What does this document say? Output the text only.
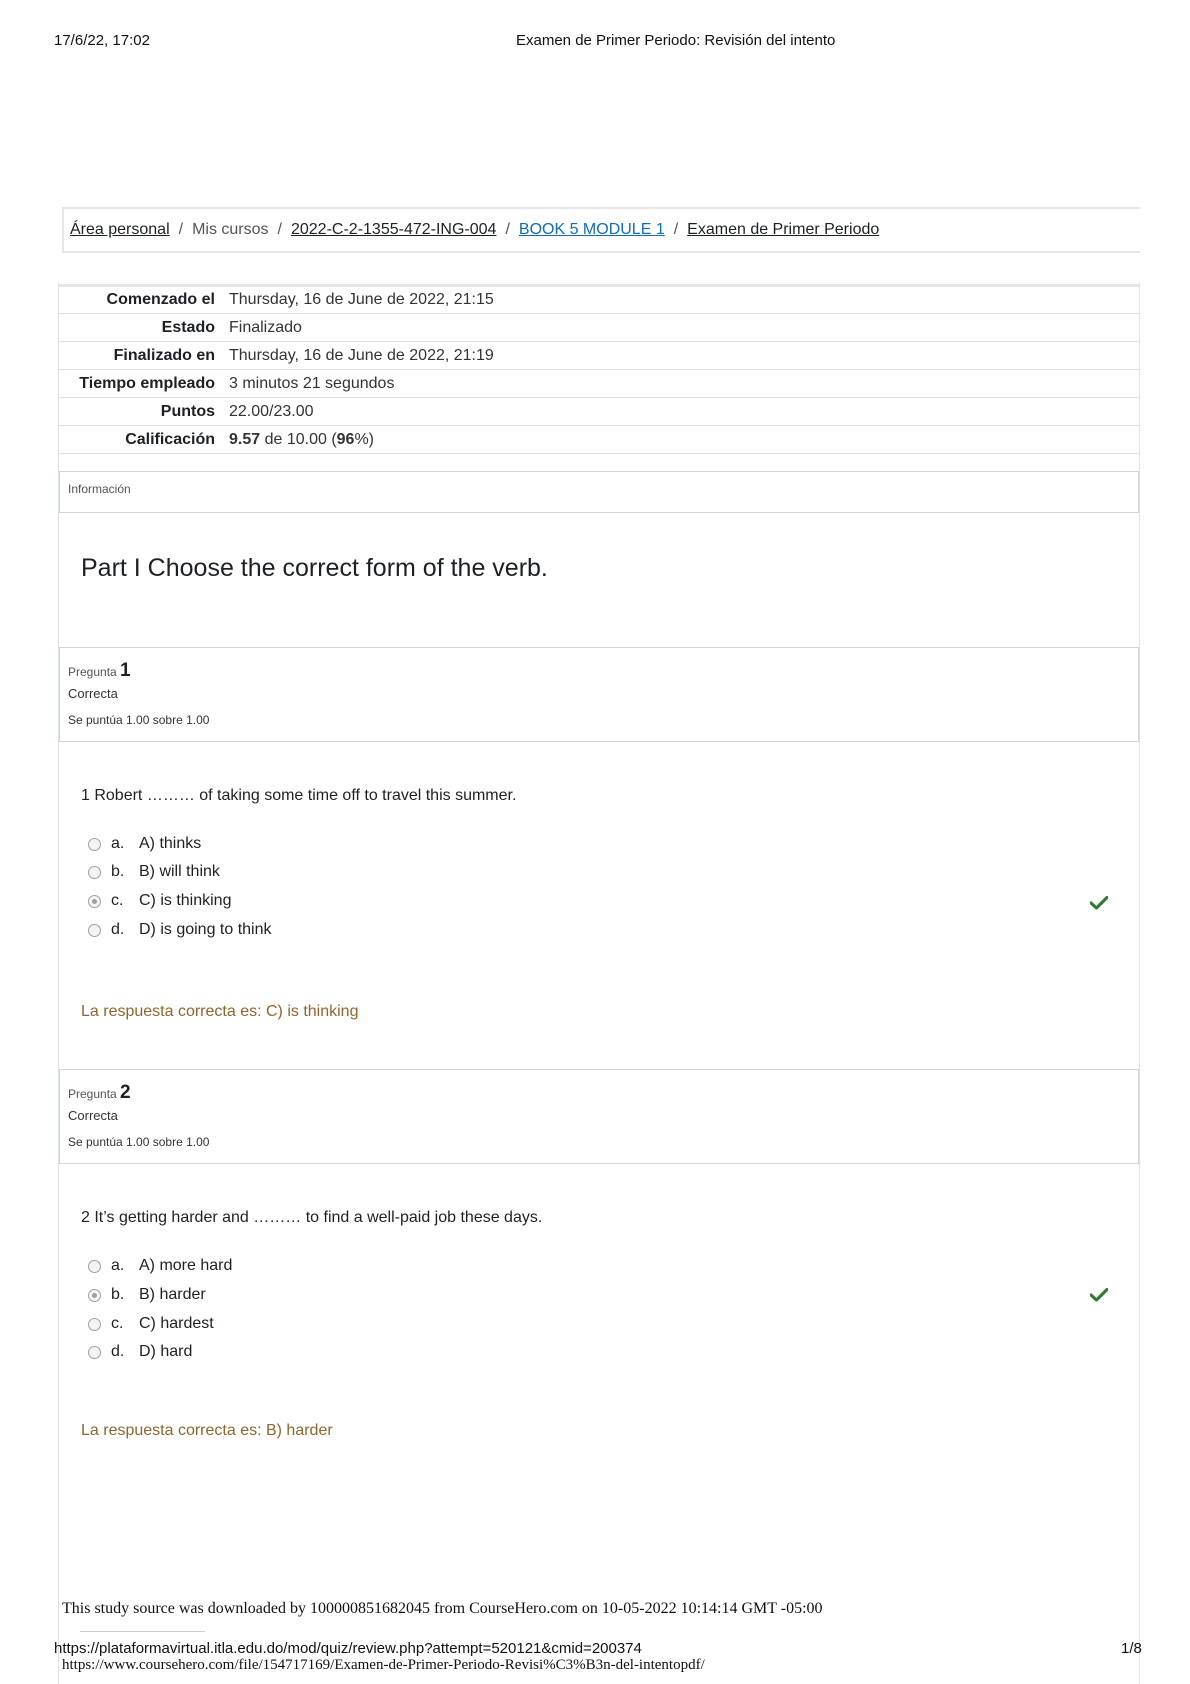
17/6/22, 17:02	Examen de Primer Periodo: Revisión del intento
Área personal / Mis cursos / 2022-C-2-1355-472-ING-004 / BOOK 5 MODULE 1 / Examen de Primer Periodo
Comenzado el	Thursday, 16 de June de 2022, 21:15
Estado	Finalizado
Finalizado en	Thursday, 16 de June de 2022, 21:19
Tiempo empleado	3 minutos 21 segundos
Puntos	22.00/23.00
Calificación	9.57 de 10.00 (96%)
Información
Part I Choose the correct form of the verb.
Pregunta 1
Correcta
Se puntúa 1.00 sobre 1.00
1 Robert ……… of taking some time off to travel this summer.
a. A) thinks
b. B) will think
c. C) is thinking
d. D) is going to think
La respuesta correcta es: C) is thinking
Pregunta 2
Correcta
Se puntúa 1.00 sobre 1.00
2 It’s getting harder and ……… to find a well-paid job these days.
a. A) more hard
b. B) harder
c. C) hardest
d. D) hard
La respuesta correcta es: B) harder
This study source was downloaded by 100000851682045 from CourseHero.com on 10-05-2022 10:14:14 GMT -05:00
https://plataformavirtual.itla.edu.do/mod/quiz/review.php?attempt=520121&cmid=200374	1/8
https://www.coursehero.com/file/154717169/Examen-de-Primer-Periodo-Revisi%C3%B3n-del-intentopdf/
